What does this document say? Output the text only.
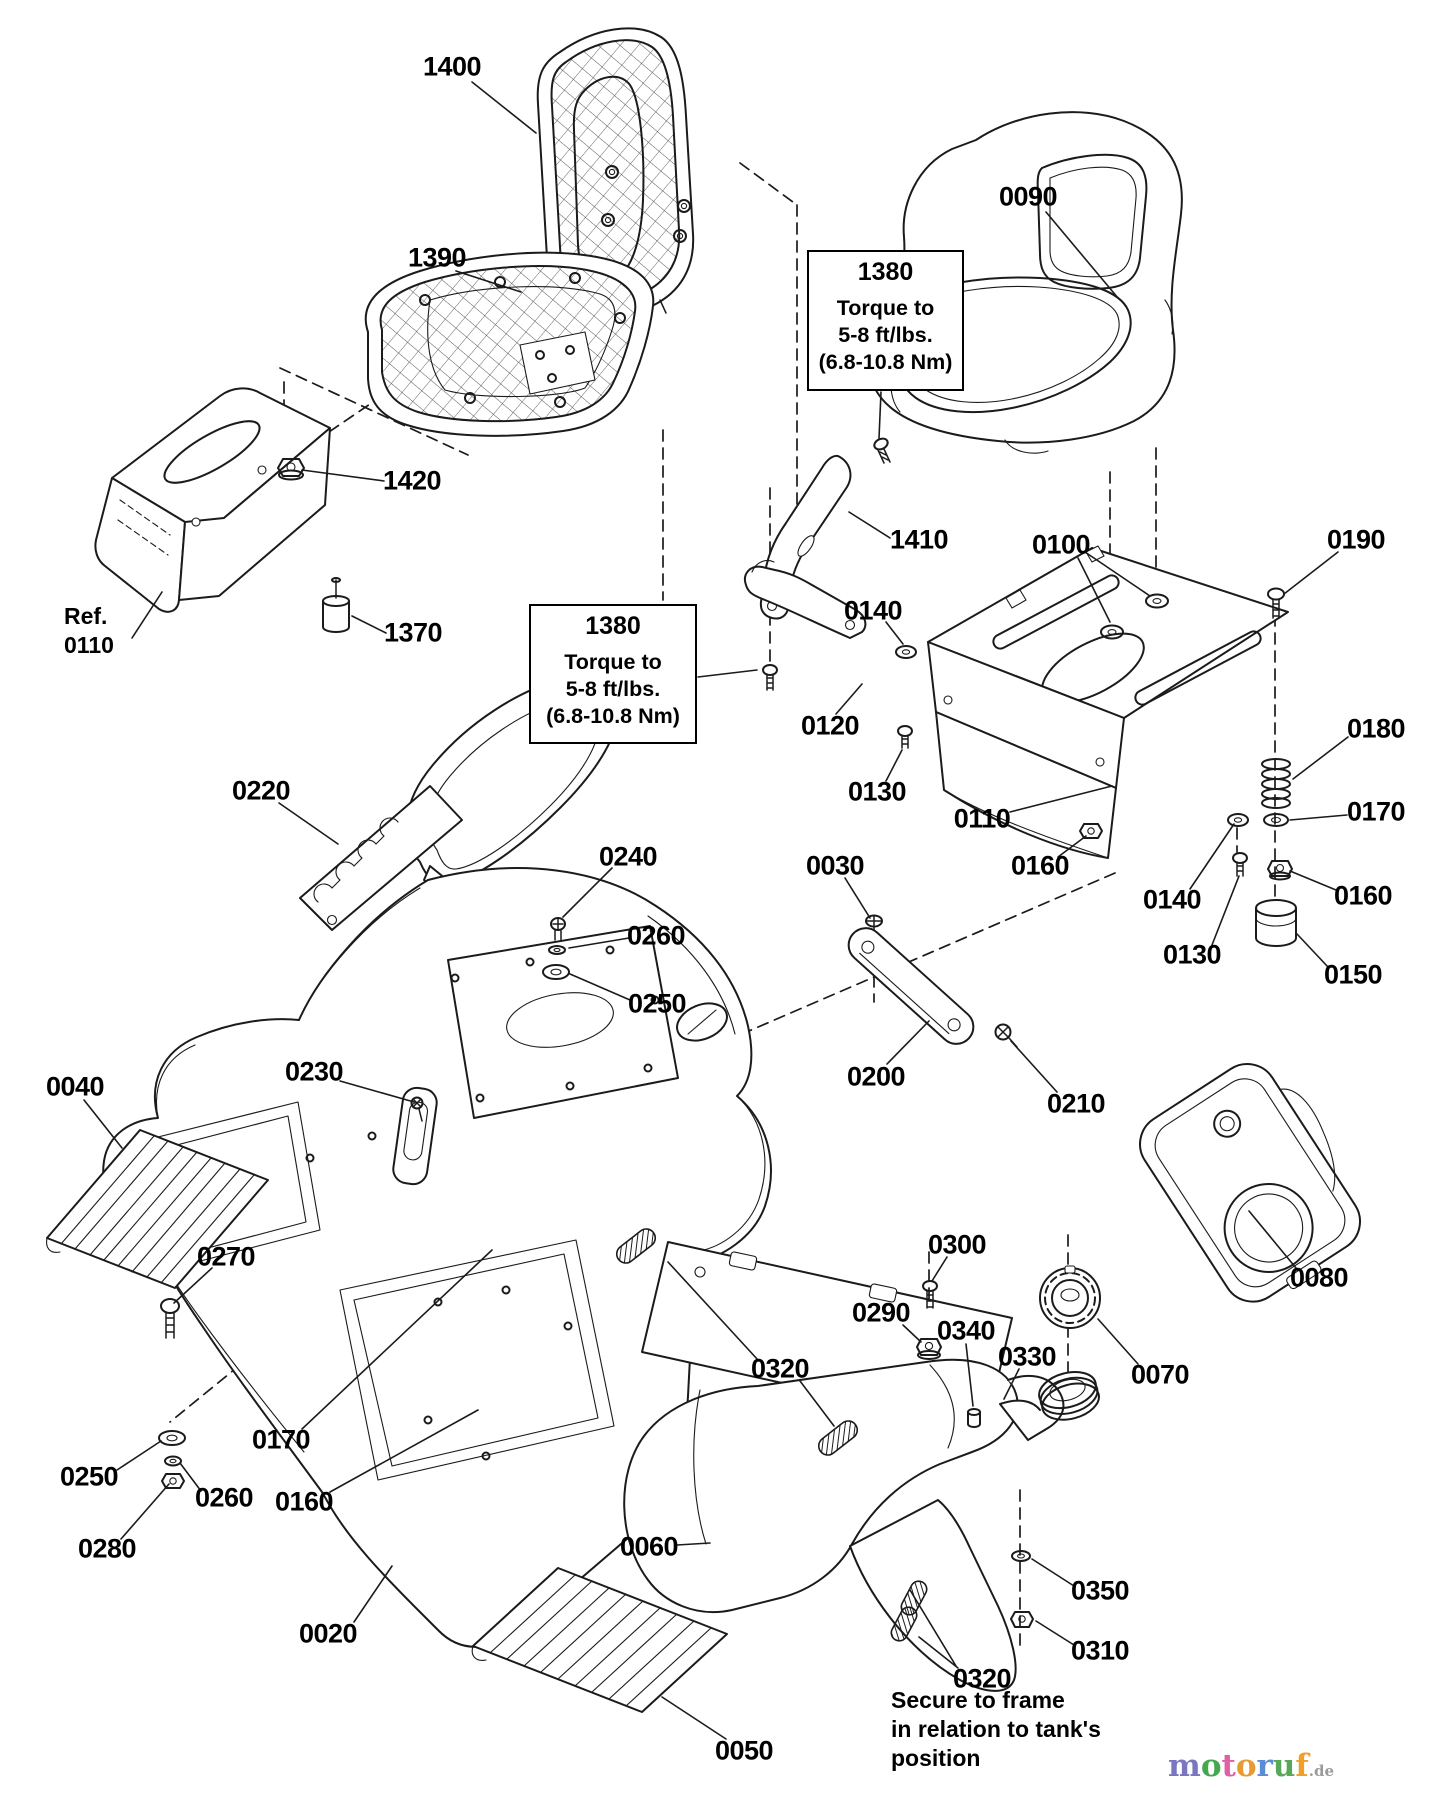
1400
1390
0090
1420
1370
1410	0100	0190
0140
0120
0130
0110
0160
0180
0170
0160
0140
0130
0150
0030
0200
0210
0220
0240
0260
0250
0230
0040
0270
0250
0260
0280
0170
0160
0020
0050
0060
0300
0290
0340
0330
0070
0080
0350
0310
0320
0320
1380
Torque to
5-8 ft/lbs.
(6.8-10.8 Nm)
1380
Torque to
5-8 ft/lbs.
(6.8-10.8 Nm)
Ref.
0110
Secure to frame
in relation to tank's
position	motoruf.de
